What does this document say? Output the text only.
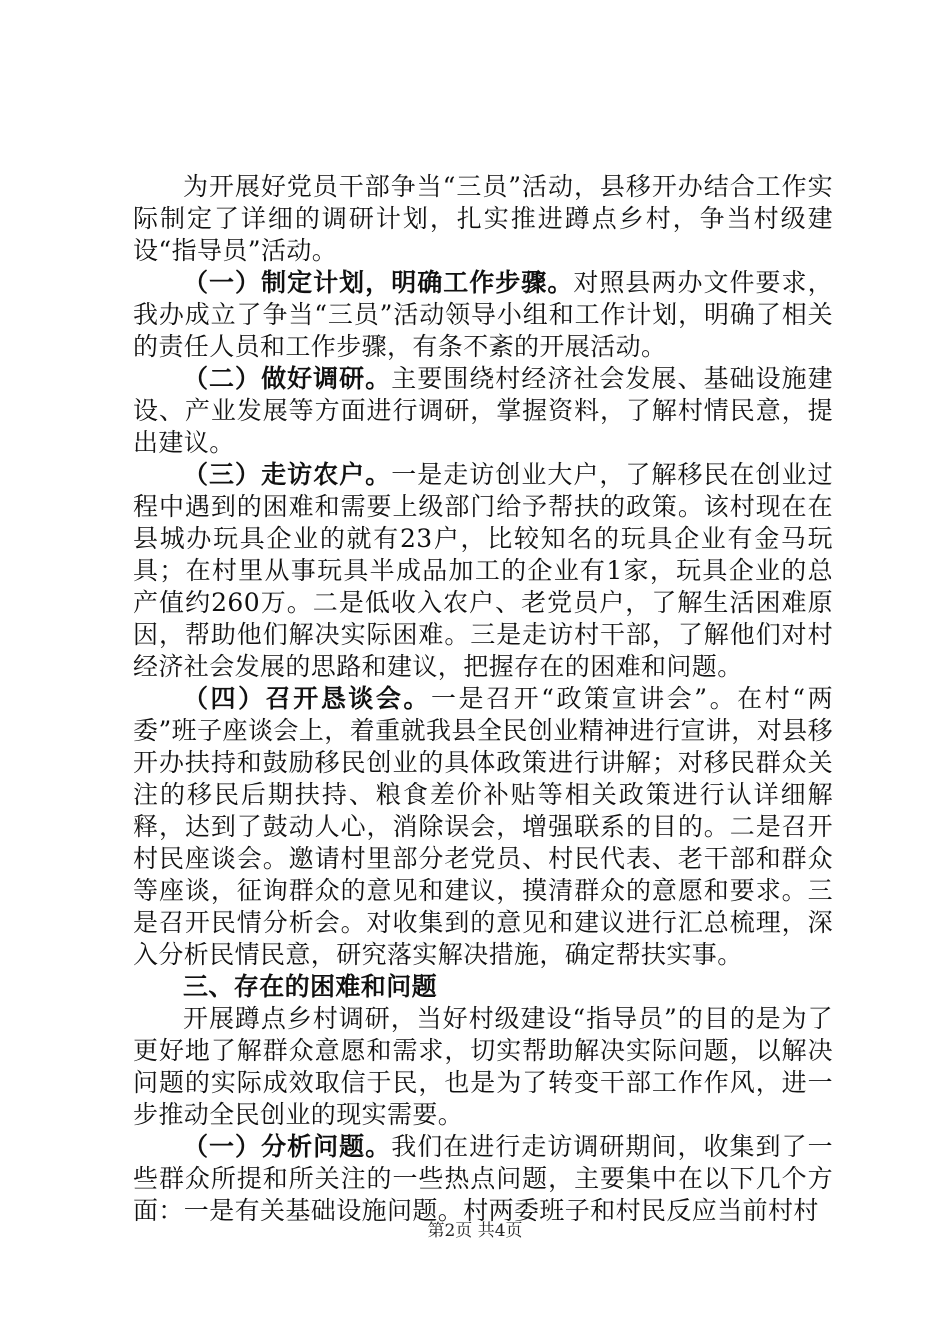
为开展好党员干部争当“三员”活动，县移开办结合工作实际制定了详细的调研计划，扎实推进蹲点乡村，争当村级建设“指导员”活动。

（一）制定计划，明确工作步骤。对照县两办文件要求，我办成立了争当“三员”活动领导小组和工作计划，明确了相关的责任人员和工作步骤，有条不紊的开展活动。

（二）做好调研。主要围绕村经济社会发展、基础设施建设、产业发展等方面进行调研，掌握资料，了解村情民意，提出建议。

（三）走访农户。一是走访创业大户，了解移民在创业过程中遇到的困难和需要上级部门给予帮扶的政策。该村现在在县城办玩具企业的就有23户，比较知名的玩具企业有金马玩具；在村里从事玩具半成品加工的企业有1家，玩具企业的总产值约260万。二是低收入农户、老党员户，了解生活困难原因，帮助他们解决实际困难。三是走访村干部，了解他们对村经济社会发展的思路和建议，把握存在的困难和问题。

（四）召开恳谈会。一是召开“政策宣讲会”。在村“两委”班子座谈会上，着重就我县全民创业精神进行宣讲，对县移开办扶持和鼓励移民创业的具体政策进行讲解；对移民群众关注的移民后期扶持、粮食差价补贴等相关政策进行认详细解释，达到了鼓动人心，消除误会，增强联系的目的。二是召开村民座谈会。邀请村里部分老党员、村民代表、老干部和群众等座谈，征询群众的意见和建议，摸清群众的意愿和要求。三是召开民情分析会。对收集到的意见和建议进行汇总梳理，深入分析民情民意，研究落实解决措施，确定帮扶实事。

三、存在的困难和问题

开展蹲点乡村调研，当好村级建设“指导员”的目的是为了更好地了解群众意愿和需求，切实帮助解决实际问题，以解决问题的实际成效取信于民，也是为了转变干部工作作风，进一步推动全民创业的现实需要。

（一）分析问题。我们在进行走访调研期间，收集到了一些群众所提和所关注的一些热点问题，主要集中在以下几个方面：一是有关基础设施问题。村两委班子和村民反应当前村村

第2页 共4页
